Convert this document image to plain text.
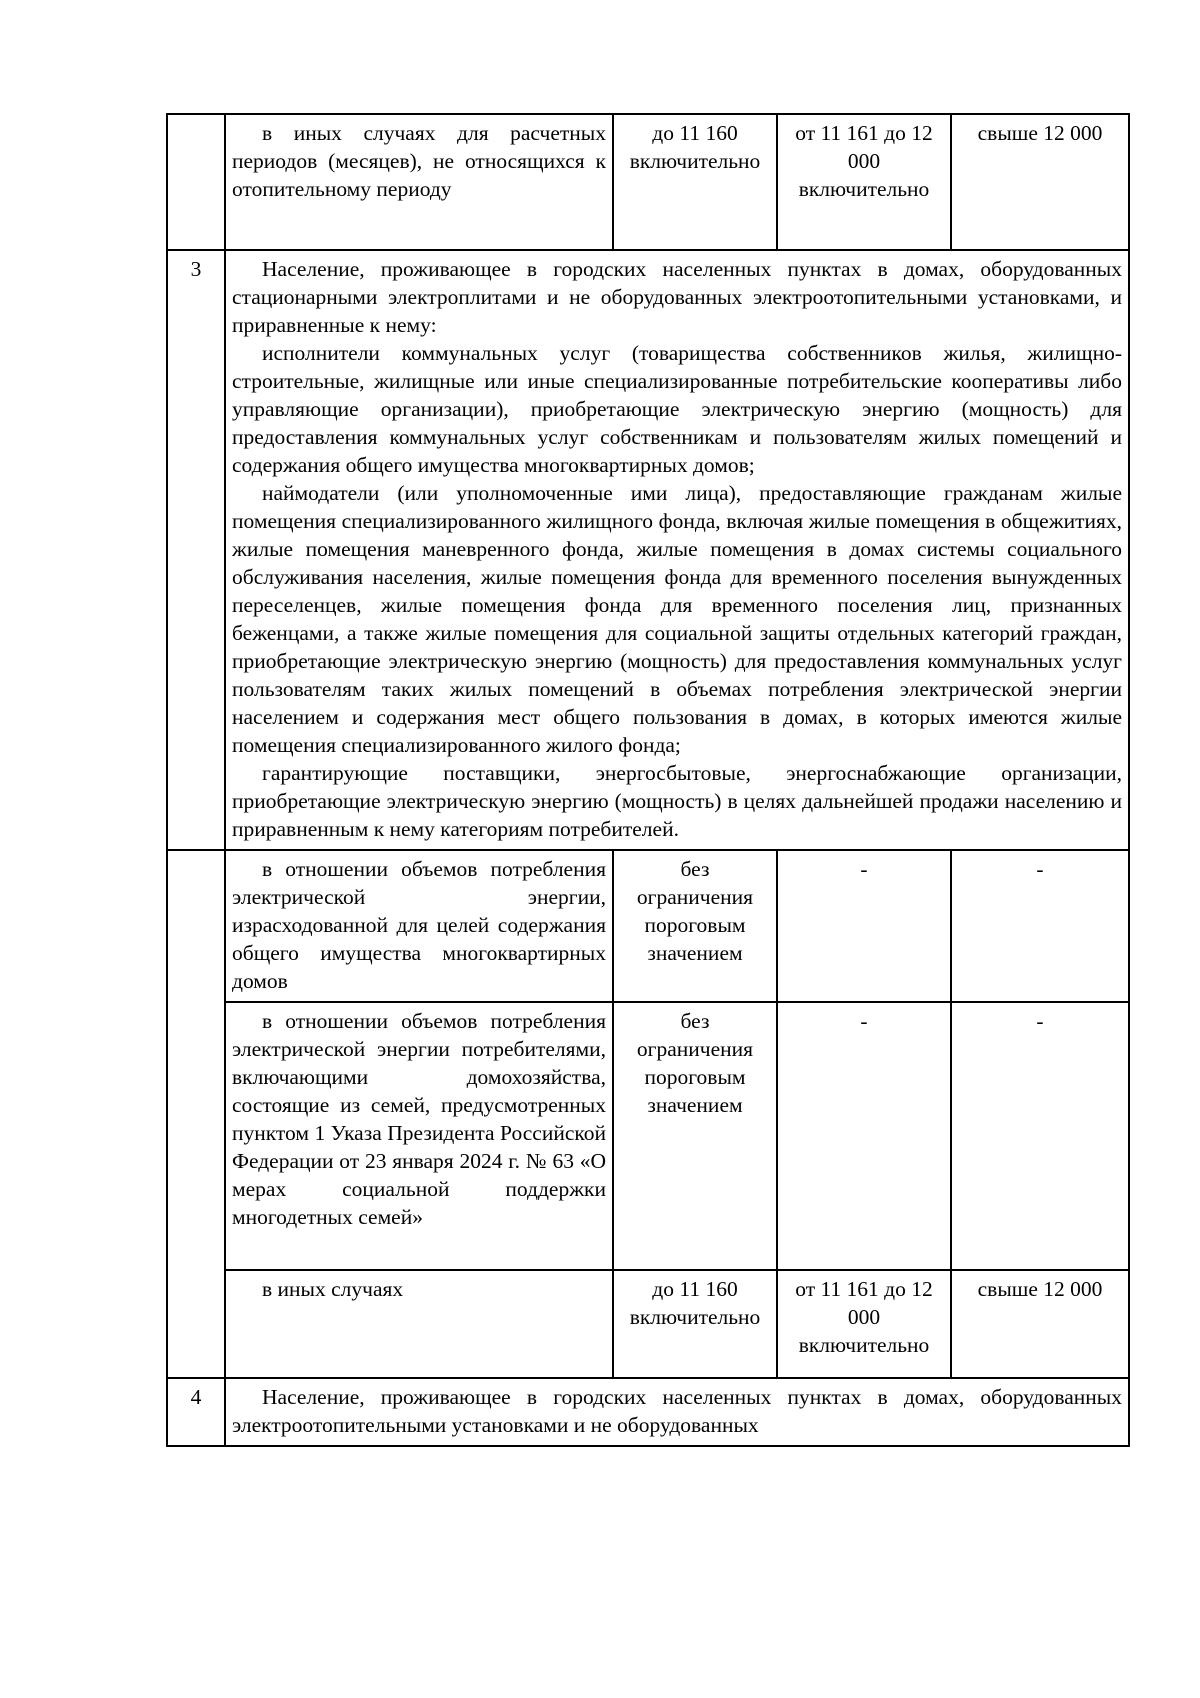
	в иных случаях для расчетных периодов (месяцев), не относящихся к отопительному периоду	до 11 160 включительно	от 11 161 до 12 000 включительно	свыше 12 000
3	Население, проживающее в городских населенных пунктах в домах, оборудованных стационарными электроплитами и не оборудованных электроотопительными установками, и приравненные к нему:

исполнители коммунальных услуг (товарищества собственников жилья, жилищно-строительные, жилищные или иные специализированные потребительские кооперативы либо управляющие организации), приобретающие электрическую энергию (мощность) для предоставления коммунальных услуг собственникам и пользователям жилых помещений и содержания общего имущества многоквартирных домов;

наймодатели (или уполномоченные ими лица), предоставляющие гражданам жилые помещения специализированного жилищного фонда, включая жилые помещения в общежитиях, жилые помещения маневренного фонда, жилые помещения в домах системы социального обслуживания населения, жилые помещения фонда для временного поселения вынужденных переселенцев, жилые помещения фонда для временного поселения лиц, признанных беженцами, а также жилые помещения для социальной защиты отдельных категорий граждан, приобретающие электрическую энергию (мощность) для предоставления коммунальных услуг пользователям таких жилых помещений в объемах потребления электрической энергии населением и содержания мест общего пользования в домах, в которых имеются жилые помещения специализированного жилого фонда;

гарантирующие поставщики, энергосбытовые, энергоснабжающие организации, приобретающие электрическую энергию (мощность) в целях дальнейшей продажи населению и приравненным к нему категориям потребителей.			

	в отношении объемов потребления электрической энергии, израсходованной для целей содержания общего имущества многоквартирных домов	без ограничения пороговым значением	-	-

	в отношении объемов потребления электрической энергии потребителями, включающими домохозяйства, состоящие из семей, предусмотренных пунктом 1 Указа Президента Российской Федерации от 23 января 2024 г. № 63 «О мерах социальной поддержки многодетных семей»	без ограничения пороговым значением	-	-

	в иных случаях	до 11 160 включительно	от 11 161 до 12 000 включительно	свыше 12 000
4	Население, проживающее в городских населенных пунктах в домах, оборудованных электроотопительными установками и не оборудованных			
